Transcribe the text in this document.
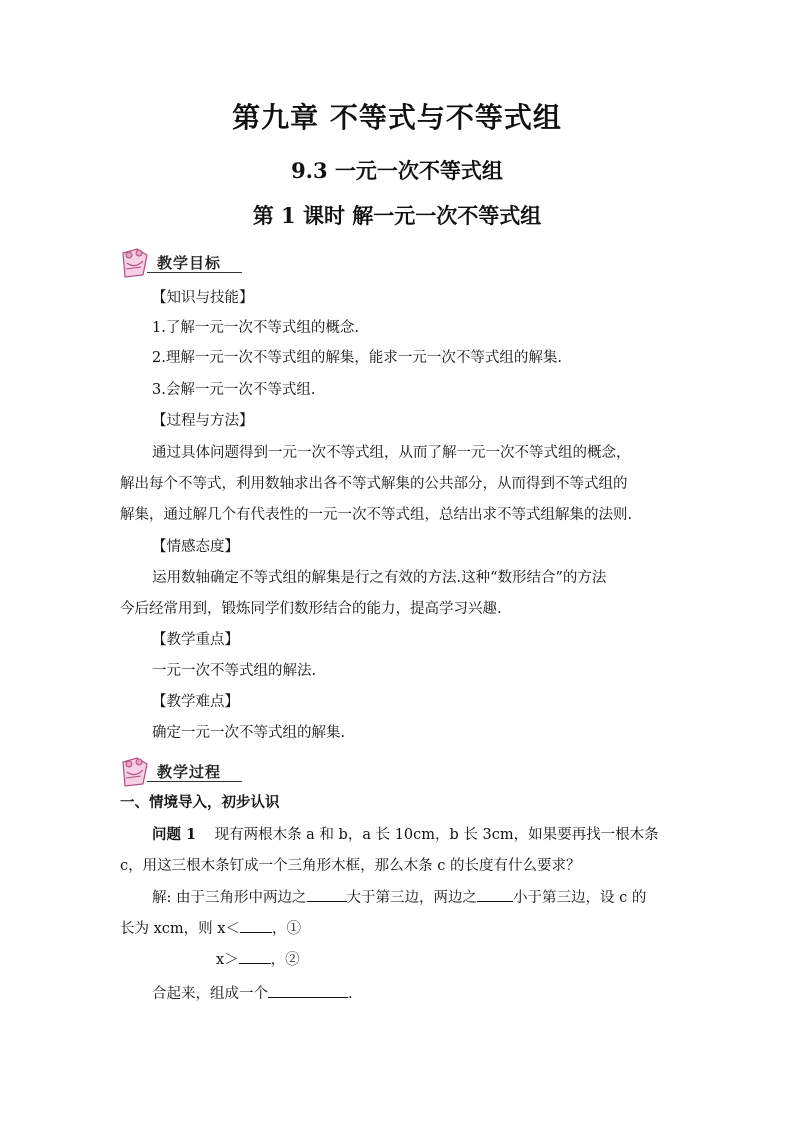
第九章 不等式与不等式组
9.3 一元一次不等式组
第 1 课时 解一元一次不等式组
教学目标
【知识与技能】
1.了解一元一次不等式组的概念.
2.理解一元一次不等式组的解集，能求一元一次不等式组的解集.
3.会解一元一次不等式组.
【过程与方法】
通过具体问题得到一元一次不等式组，从而了解一元一次不等式组的概念，
解出每个不等式，利用数轴求出各不等式解集的公共部分，从而得到不等式组的
解集，通过解几个有代表性的一元一次不等式组，总结出求不等式组解集的法则.
【情感态度】
运用数轴确定不等式组的解集是行之有效的方法.这种“数形结合”的方法
今后经常用到，锻炼同学们数形结合的能力，提高学习兴趣.
【教学重点】
一元一次不等式组的解法.
【教学难点】
确定一元一次不等式组的解集.
教学过程
一、情境导入，初步认识
问题 1 现有两根木条 a 和 b，a 长 10cm，b 长 3cm，如果要再找一根木条
c，用这三根木条钉成一个三角形木框，那么木条 c 的长度有什么要求？
解: 由于三角形中两边之	大于第三边，两边之 小于第三边，设 c 的
长为 xcm，则 x＜ ，①
x＞ ，②
合起来，组成一个	.
